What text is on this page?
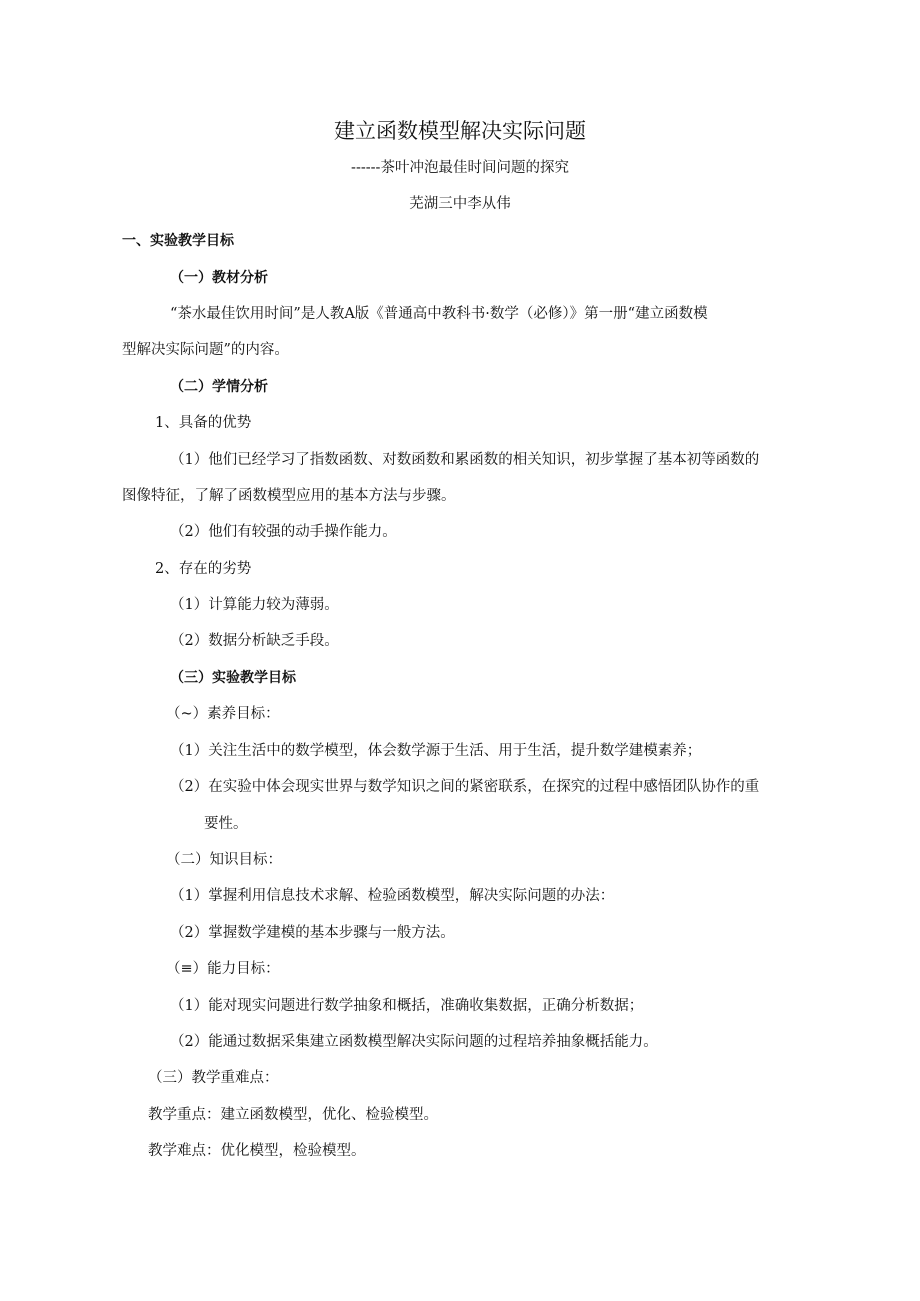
建立函数模型解决实际问题
------茶叶冲泡最佳时间问题的探究
芜湖三中李从伟
一、实验教学目标
（一）教材分析
“茶水最佳饮用时间”是人教A版《普通高中教科书·数学（必修）》第一册“建立函数模
型解决实际问题”的内容。
（二）学情分析
1、具备的优势
（1）他们已经学习了指数函数、对数函数和累函数的相关知识，初步掌握了基本初等函数的
图像特征，了解了函数模型应用的基本方法与步骤。
（2）他们有较强的动手操作能力。
2、存在的劣势
（1）计算能力较为薄弱。
（2）数据分析缺乏手段。
（三）实验教学目标
（~）素养目标：
（1）关注生活中的数学模型，体会数学源于生活、用于生活，提升数学建模素养；
（2）在实验中体会现实世界与数学知识之间的紧密联系，在探究的过程中感悟团队协作的重
要性。
（二）知识目标：
（1）掌握利用信息技术求解、检验函数模型，解决实际问题的办法：
（2）掌握数学建模的基本步骤与一般方法。
（≡）能力目标：
（1）能对现实问题进行数学抽象和概括，准确收集数据，正确分析数据；
（2）能通过数据采集建立函数模型解决实际问题的过程培养抽象概括能力。
（三）教学重难点：
教学重点：建立函数模型，优化、检验模型。
教学难点：优化模型，检验模型。
